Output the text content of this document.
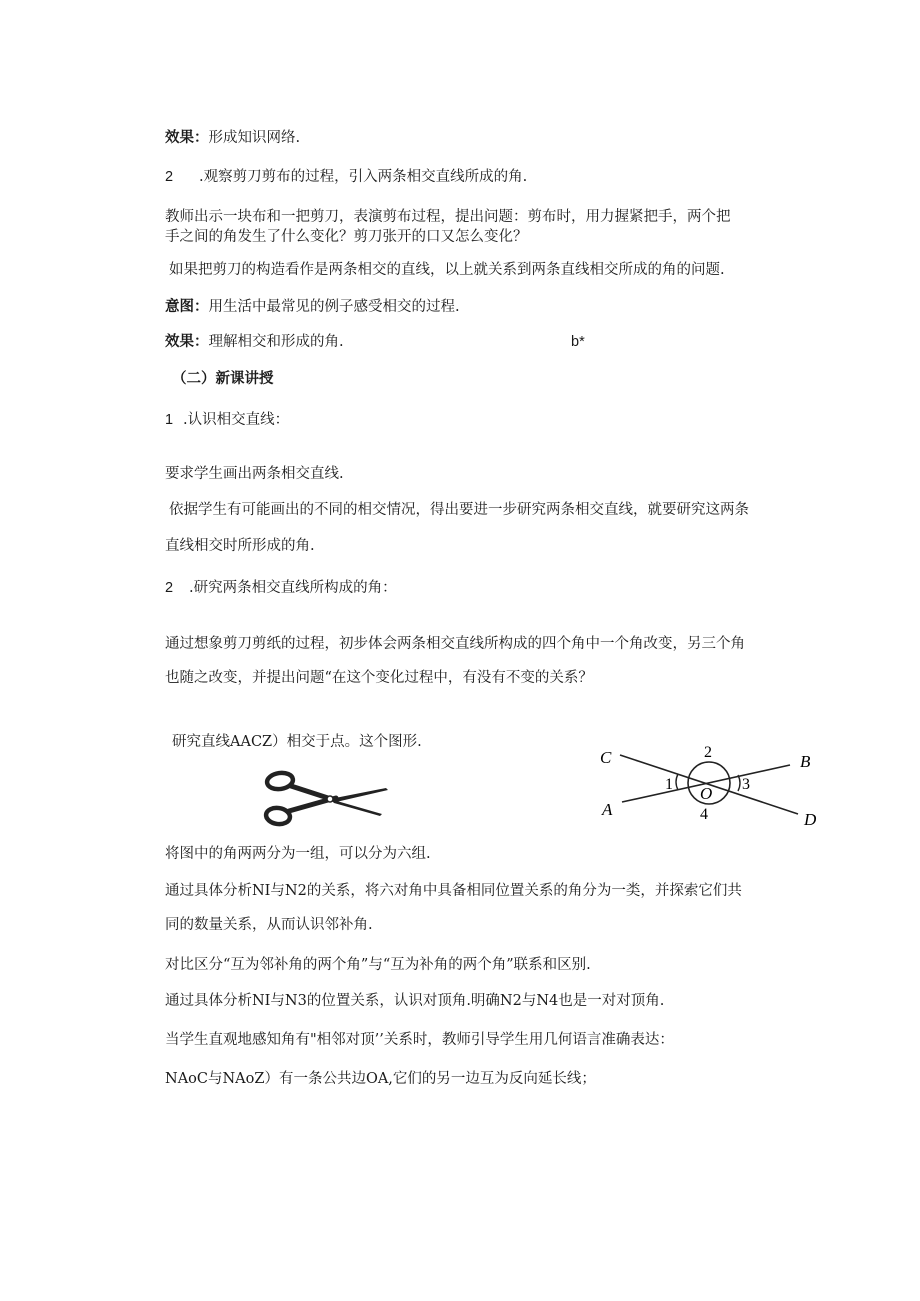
效果：形成知识网络.
2 .观察剪刀剪布的过程，引入两条相交直线所成的角.
教师出示一块布和一把剪刀，表演剪布过程，提出问题：剪布时，用力握紧把手，两个把
手之间的角发生了什么变化？剪刀张开的口又怎么变化？
如果把剪刀的构造看作是两条相交的直线，以上就关系到两条直线相交所成的角的问题.
意图：用生活中最常见的例子感受相交的过程.
效果：理解相交和形成的角.	b*
（二）新课讲授
1 .认识相交直线：
要求学生画出两条相交直线.
依据学生有可能画出的不同的相交情况，得出要进一步研究两条相交直线，就要研究这两条
直线相交时所形成的角.
2 .研究两条相交直线所构成的角：
通过想象剪刀剪纸的过程，初步体会两条相交直线所构成的四个角中一个角改变，另三个角
也随之改变，并提出问题“在这个变化过程中，有没有不变的关系？
研究直线AACZ）相交于点。这个图形.
C	B
A
D
O
1
2
3
4
将图中的角两两分为一组，可以分为六组.
通过具体分析NI与N2的关系，将六对角中具备相同位置关系的角分为一类，并探索它们共
同的数量关系，从而认识邻补角.
对比区分“互为邻补角的两个角”与“互为补角的两个角”联系和区别.
通过具体分析NI与N3的位置关系，认识对顶角.明确N2与N4也是一对对顶角.
当学生直观地感知角有"相邻对顶’’关系时，教师引导学生用几何语言准确表达：
NAoC与NAoZ）有一条公共边OA,它们的另一边互为反向延长线；
